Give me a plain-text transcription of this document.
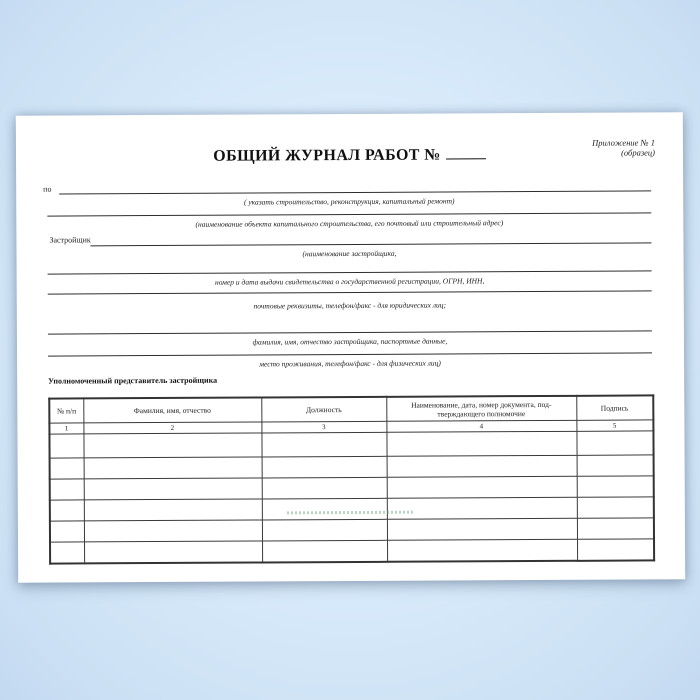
Приложение № 1
(образец)
ОБЩИЙ ЖУРНАЛ РАБОТ №
по
( указать строительство, реконструкция, капитальный ремонт)
(наименование объекта капитального строительства, его почтовый или строительный адрес)
Застройщик
(наименование застройщика,
номер и дата выдачи свидетельства о государственной регистрации, ОГРН, ИНН,
почтовые реквизиты, телефон/факс - для юридических лиц;
фамилия, имя, отчество застройщика, паспортные данные,
место проживания, телефон/факс - для физических лиц)
Уполномоченный представитель застройщика
№ п/п	Фамилия, имя, отчество	Должность	Наименование, дата, номер документа, под-
тверждающего полномочие	Подпись
1	2	3	4	5
